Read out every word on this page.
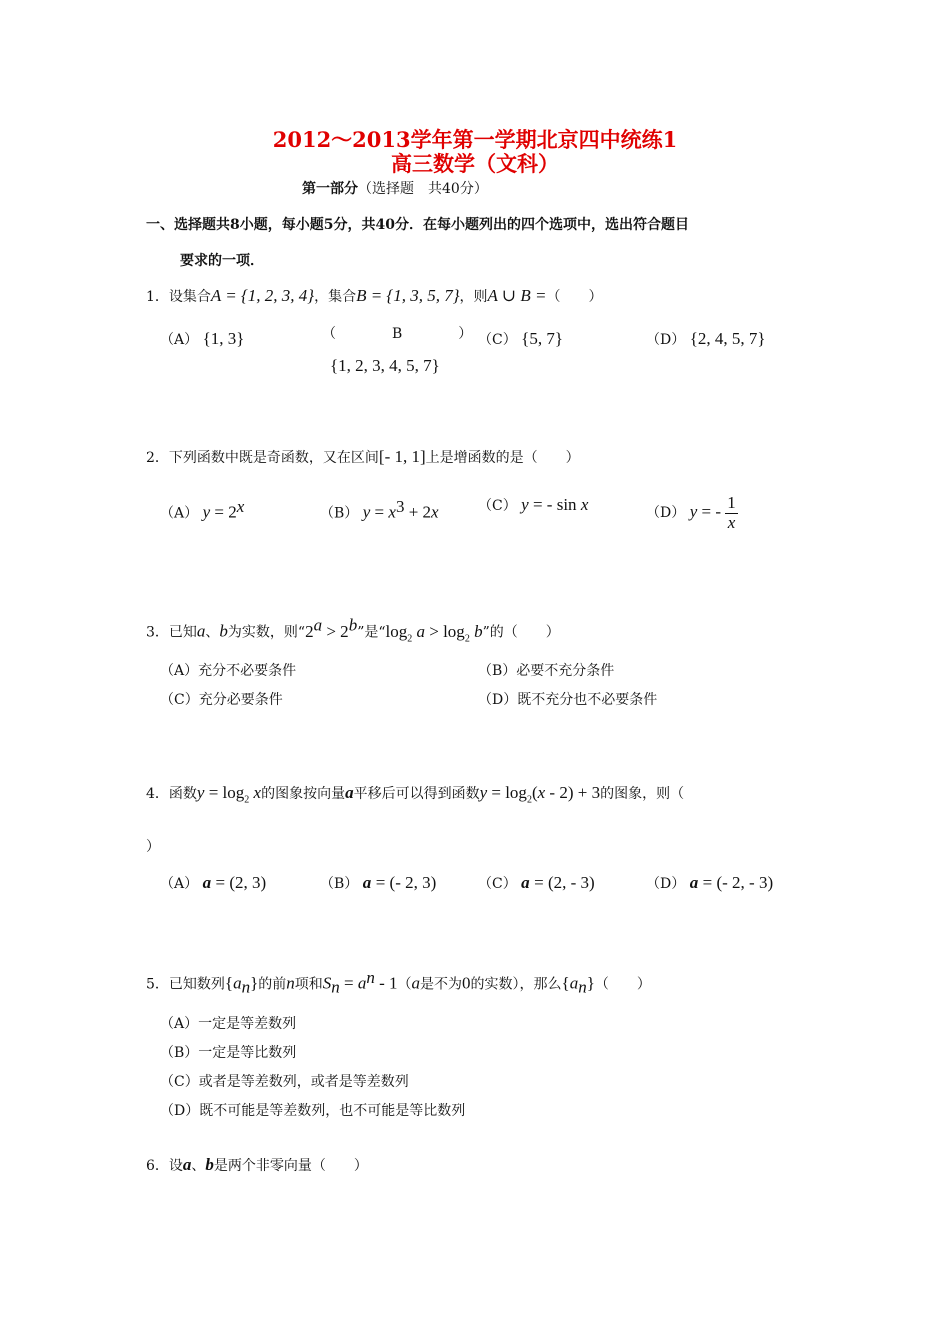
2012～2013学年第一学期北京四中统练1
高三数学（文科）
第一部分（选择题　共40分）
一、选择题共8小题，每小题5分，共40分．在每小题列出的四个选项中，选出符合题目
要求的一项．
1．设集合A = {1, 2, 3, 4}，集合B = {1, 3, 5, 7}，则A ∪ B =（　　）
（A） {1, 3}	（　　　　B　　　　）
{1, 2, 3, 4, 5, 7}
（C） {5, 7}	（D） {2, 4, 5, 7}
2．下列函数中既是奇函数，又在区间[- 1, 1]上是增函数的是（　　）
（A） $y = 2^x$	（B） $y = x^3 + 2x$	（C） y = - sin x	（D） y = - $\frac{1}{x}$
3．已知a、b为实数，则“$2^a > 2^b$”是“$\log_2$ $a > \log_2 b$”的（　　）
（A）充分不必要条件	（B）必要不充分条件
（C）充分必要条件	（D）既不充分也不必要条件
4．函数$y = \log_2 x$的图象按向量a平移后可以得到函数$y = \log_2(x - 2) + 3$的图象，则（
）
（A） a = (2, 3)	（B） a = (- 2, 3)	（C） a = (2, - 3)	（D） a = (- 2, - 3)
5．已知数列$\{a_n\}$的前n项和$S_n = a^n - 1(a$是不为0的实数），那么$\{a_n\}$（　　）
（A）一定是等差数列
（B）一定是等比数列
（C）或者是等差数列，或者是等差数列
（D）既不可能是等差数列，也不可能是等比数列
6．设a、b是两个非零向量（　　）
